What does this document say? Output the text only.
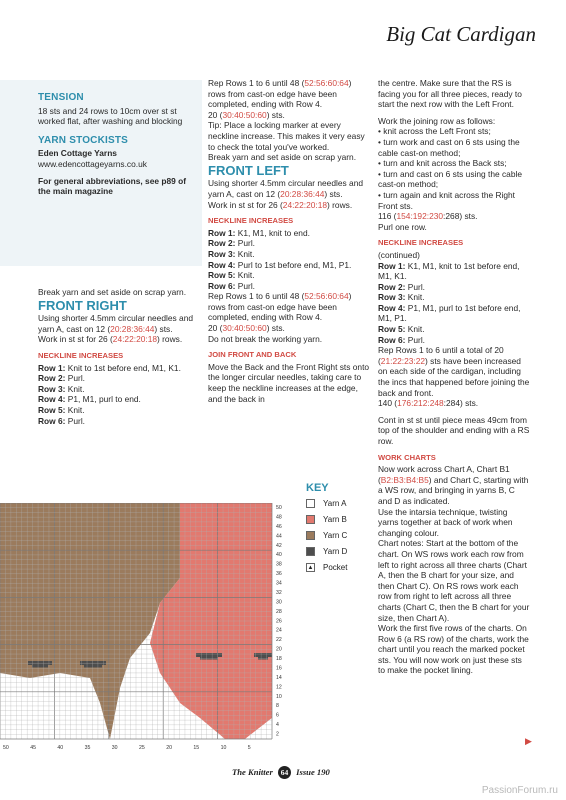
Big Cat Cardigan
TENSION

18 sts and 24 rows to 10cm over st st worked flat, after washing and blocking

YARN STOCKISTS

Eden Cottage Yarns

www.edencottageyarns.co.uk

For general abbreviations, see p89 of the main magazine

Break yarn and set aside on scrap yarn.

FRONT RIGHT

Using shorter 4.5mm circular needles and yarn A, cast on 12 (20:28:36:44) sts.

Work in st st for 26 (24:22:20:18) rows.

NECKLINE INCREASES

Row 1: Knit to 1st before end, M1, K1.

Row 2: Purl.

Row 3: Knit.

Row 4: P1, M1, purl to end.

Row 5: Knit.

Row 6: Purl.

Rep Rows 1 to 6 until 48 (52:56:60:64) rows from cast-on edge have been completed, ending with Row 4.

20 (30:40:50:60) sts.

Tip: Place a locking marker at every neckline increase. This makes it very easy to check the total you've worked.

Break yarn and set aside on scrap yarn.

FRONT LEFT

Using shorter 4.5mm circular needles and yarn A, cast on 12 (20:28:36:44) sts.

Work in st st for 26 (24:22:20:18) rows.

NECKLINE INCREASES

Row 1: K1, M1, knit to end.

Row 2: Purl.

Row 3: Knit.

Row 4: Purl to 1st before end, M1, P1.

Row 5: Knit.

Row 6: Purl.

Rep Rows 1 to 6 until 48 (52:56:60:64) rows from cast-on edge have been completed, ending with Row 4.

20 (30:40:50:60) sts.

Do not break the working yarn.

JOIN FRONT AND BACK

Move the Back and the Front Right sts onto the longer circular needles, taking care to keep the neckline increases at the edge, and the back in

the centre. Make sure that the RS is facing you for all three pieces, ready to start the next row with the Left Front.

Work the joining row as follows:

• knit across the Left Front sts;

• turn work and cast on 6 sts using the cable cast-on method;

• turn and knit across the Back sts;

• turn and cast on 6 sts using the cable cast-on method;

• turn again and knit across the Right Front sts.

116 (154:192:230:268) sts.

Purl one row.

NECKLINE INCREASES

(continued)

Row 1: K1, M1, knit to 1st before end, M1, K1.

Row 2: Purl.

Row 3: Knit.

Row 4: P1, M1, purl to 1st before end, M1, P1.

Row 5: Knit.

Row 6: Purl.

Rep Rows 1 to 6 until a total of 20 (21:22:23:22) sts have been increased on each side of the cardigan, including the incs that happened before joining the back and front.

140 (176:212:248:284) sts.

Cont in st st until piece meas 49cm from top of the shoulder and ending with a RS row.

WORK CHARTS

Now work across Chart A, Chart B1 (B2:B3:B4:B5) and Chart C, starting with a WS row, and bringing in yarns B, C and D as indicated.

Use the intarsia technique, twisting yarns together at back of work when changing colour.

Chart notes: Start at the bottom of the chart. On WS rows work each row from left to right across all three charts (Chart A, then the B chart for your size, and then Chart C). On RS rows work each row from right to left across all three charts (Chart C, then the B chart for your size, then Chart A).

Work the first five rows of the charts. On Row 6 (a RS row) of the charts, work the chart until you reach the marked pocket sts. You will now work on just these sts to make the pocket lining.

KEY
Yarn A
Yarn B
Yarn C
Yarn D
▲ Pocket
50
48
46
44
42
40
38
36
34
32
30
28
26
24
22
20
18
16
14
12
10
8
6
4
2
50	45	40	35	30	25	20	15	10	5
▶
The Knitter 64 Issue 190
PassionForum.ru
